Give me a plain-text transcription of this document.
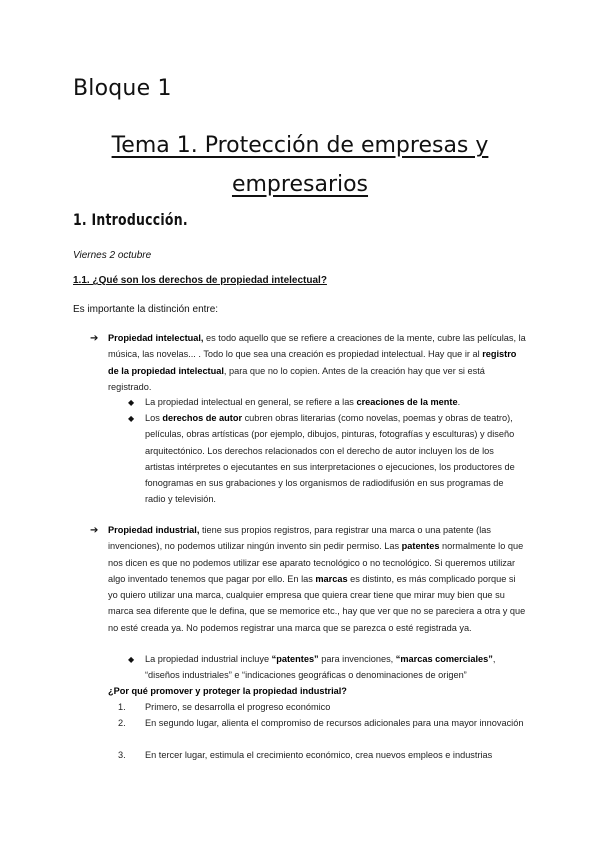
Bloque 1
Tema 1. Protección de empresas y
empresarios
1. Introducción.
Viernes 2 octubre
1.1. ¿Qué son los derechos de propiedad intelectual?
Es importante la distinción entre:
➔ Propiedad intelectual, es todo aquello que se refiere a creaciones de la mente, cubre las películas, la música, las novelas... . Todo lo que sea una creación es propiedad intelectual. Hay que ir al registro de la propiedad intelectual, para que no lo copien. Antes de la creación hay que ver si está registrado.
◆ La propiedad intelectual en general, se refiere a las creaciones de la mente.
◆ Los derechos de autor cubren obras literarias (como novelas, poemas y obras de teatro), películas, obras artísticas (por ejemplo, dibujos, pinturas, fotografías y esculturas) y diseño arquitectónico. Los derechos relacionados con el derecho de autor incluyen los de los artistas intérpretes o ejecutantes en sus interpretaciones o ejecuciones, los productores de fonogramas en sus grabaciones y los organismos de radiodifusión en sus programas de radio y televisión.
➔ Propiedad industrial, tiene sus propios registros, para registrar una marca o una patente (las invenciones), no podemos utilizar ningún invento sin pedir permiso. Las patentes normalmente lo que nos dicen es que no podemos utilizar ese aparato tecnológico o no tecnológico. Si queremos utilizar algo inventado tenemos que pagar por ello. En las marcas es distinto, es más complicado porque si yo quiero utilizar una marca, cualquier empresa que quiera crear tiene que mirar muy bien que su marca sea diferente que le defina, que se memorice etc., hay que ver que no se pareciera a otra y que no esté creada ya. No podemos registrar una marca que se parezca o esté registrada ya.
◆ La propiedad industrial incluye “patentes” para invenciones, “marcas comerciales”, “diseños industriales” e “indicaciones geográficas o denominaciones de origen”
¿Por qué promover y proteger la propiedad industrial?
1.	Primero, se desarrolla el progreso económico
2.	En segundo lugar, alienta el compromiso de recursos adicionales para una mayor innovación
3.	En tercer lugar, estimula el crecimiento económico, crea nuevos empleos e industrias
